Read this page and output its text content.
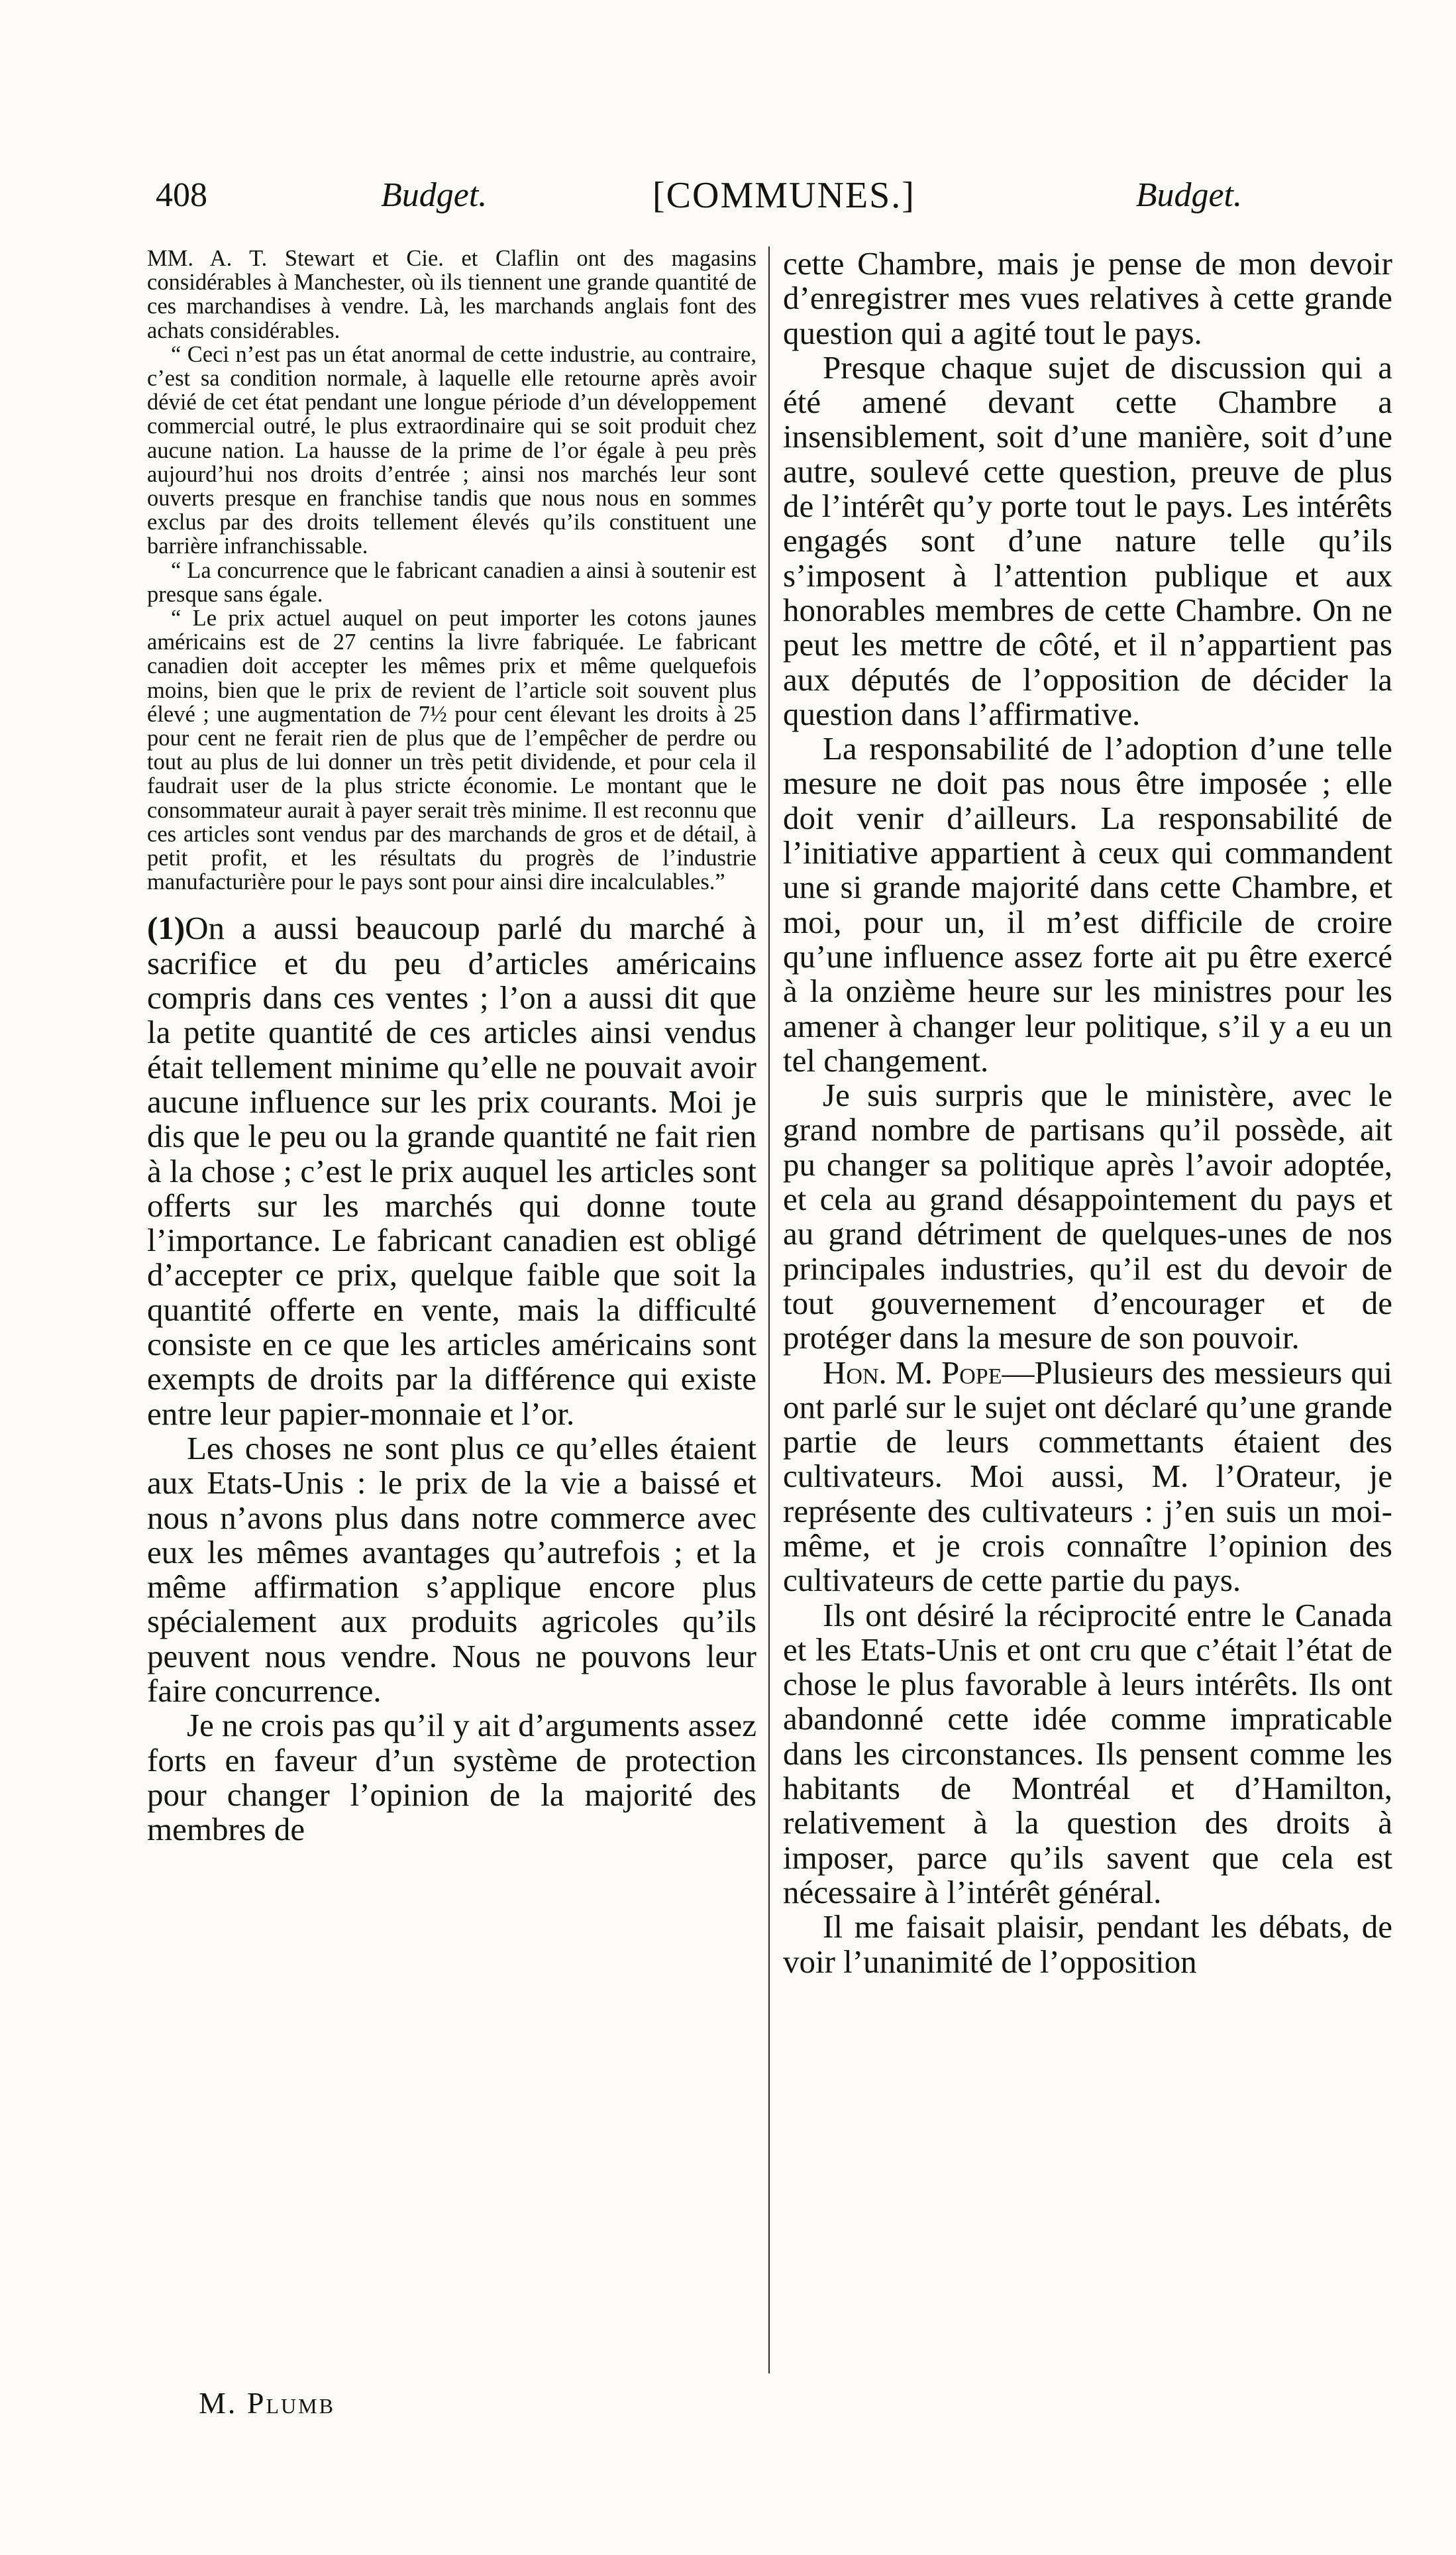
408	Budget.	[COMMUNES.]	Budget.

MM. A. T. Stewart et Cie. et Claflin ont des magasins considérables à Manchester, où ils tiennent une grande quantité de ces marchandises à vendre. Là, les marchands anglais font des achats considérables.

“ Ceci n’est pas un état anormal de cette industrie, au contraire, c’est sa condition normale, à laquelle elle retourne après avoir dévié de cet état pendant une longue période d’un développement commercial outré, le plus extraordinaire qui se soit produit chez aucune nation. La hausse de la prime de l’or égale à peu près aujourd’hui nos droits d’entrée ; ainsi nos marchés leur sont ouverts presque en franchise tandis que nous nous en sommes exclus par des droits tellement élevés qu’ils constituent une barrière infranchissable.

“ La concurrence que le fabricant canadien a ainsi à soutenir est presque sans égale.

“ Le prix actuel auquel on peut importer les cotons jaunes américains est de 27 centins la livre fabriquée. Le fabricant canadien doit accepter les mêmes prix et même quelquefois moins, bien que le prix de revient de l’article soit souvent plus élevé ; une augmentation de 7½ pour cent élevant les droits à 25 pour cent ne ferait rien de plus que de l’empêcher de perdre ou tout au plus de lui donner un très petit dividende, et pour cela il faudrait user de la plus stricte économie. Le montant que le consommateur aurait à payer serait très minime. Il est reconnu que ces articles sont vendus par des marchands de gros et de détail, à petit profit, et les résultats du progrès de l’industrie manufacturière pour le pays sont pour ainsi dire incalculables.”

(1)On a aussi beaucoup parlé du marché à sacrifice et du peu d’articles américains compris dans ces ventes ; l’on a aussi dit que la petite quantité de ces articles ainsi vendus était tellement minime qu’elle ne pouvait avoir aucune influence sur les prix courants. Moi je dis que le peu ou la grande quantité ne fait rien à la chose ; c’est le prix auquel les articles sont offerts sur les marchés qui donne toute l’importance. Le fabricant canadien est obligé d’accepter ce prix, quelque faible que soit la quantité offerte en vente, mais la difficulté consiste en ce que les articles américains sont exempts de droits par la différence qui existe entre leur papier-monnaie et l’or.

Les choses ne sont plus ce qu’elles étaient aux Etats-Unis : le prix de la vie a baissé et nous n’avons plus dans notre commerce avec eux les mêmes avantages qu’autrefois ; et la même affirmation s’applique encore plus spécialement aux produits agricoles qu’ils peuvent nous vendre. Nous ne pouvons leur faire concurrence.

Je ne crois pas qu’il y ait d’arguments assez forts en faveur d’un système de protection pour changer l’opinion de la majorité des membres de

cette Chambre, mais je pense de mon devoir d’enregistrer mes vues relatives à cette grande question qui a agité tout le pays.

Presque chaque sujet de discussion qui a été amené devant cette Chambre a insensiblement, soit d’une manière, soit d’une autre, soulevé cette question, preuve de plus de l’intérêt qu’y porte tout le pays. Les intérêts engagés sont d’une nature telle qu’ils s’imposent à l’attention publique et aux honorables membres de cette Chambre. On ne peut les mettre de côté, et il n’appartient pas aux députés de l’opposition de décider la question dans l’affirmative.

La responsabilité de l’adoption d’une telle mesure ne doit pas nous être imposée ; elle doit venir d’ailleurs. La responsabilité de l’initiative appartient à ceux qui commandent une si grande majorité dans cette Chambre, et moi, pour un, il m’est difficile de croire qu’une influence assez forte ait pu être exercé à la onzième heure sur les ministres pour les amener à changer leur politique, s’il y a eu un tel changement.

Je suis surpris que le ministère, avec le grand nombre de partisans qu’il possède, ait pu changer sa politique après l’avoir adoptée, et cela au grand désappointement du pays et au grand détriment de quelques-unes de nos principales industries, qu’il est du devoir de tout gouvernement d’encourager et de protéger dans la mesure de son pouvoir.

Hon. M. Pope—Plusieurs des messieurs qui ont parlé sur le sujet ont déclaré qu’une grande partie de leurs commettants étaient des cultivateurs. Moi aussi, M. l’Orateur, je représente des cultivateurs : j’en suis un moi-même, et je crois connaître l’opinion des cultivateurs de cette partie du pays.

Ils ont désiré la réciprocité entre le Canada et les Etats-Unis et ont cru que c’était l’état de chose le plus favorable à leurs intérêts. Ils ont abandonné cette idée comme impraticable dans les circonstances. Ils pensent comme les habitants de Montréal et d’Hamilton, relativement à la question des droits à imposer, parce qu’ils savent que cela est nécessaire à l’intérêt général.

Il me faisait plaisir, pendant les débats, de voir l’unanimité de l’opposition

M. Plumb
